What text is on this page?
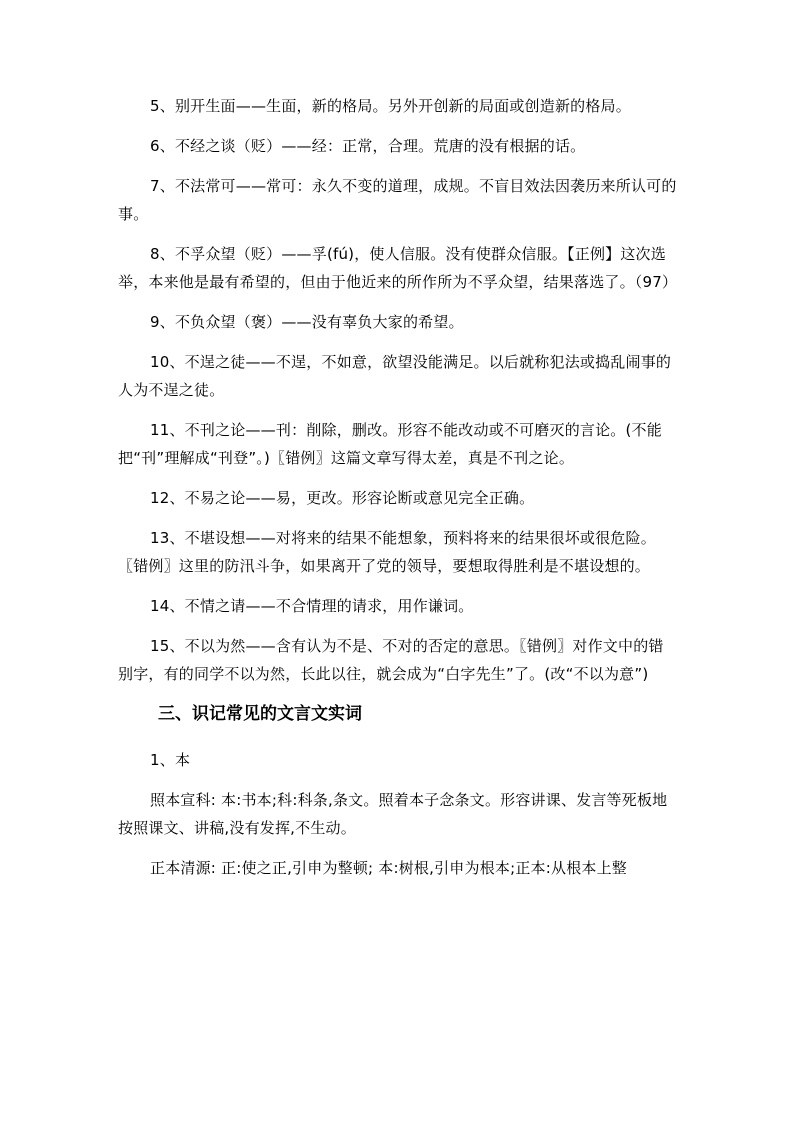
5、别开生面——生面，新的格局。另外开创新的局面或创造新的格局。

6、不经之谈（贬）——经：正常，合理。荒唐的没有根据的话。

7、不法常可——常可：永久不变的道理，成规。不盲目效法因袭历来所认可的事。

8、不孚众望（贬）——孚(fú)，使人信服。没有使群众信服。【正例】这次选举，本来他是最有希望的，但由于他近来的所作所为不孚众望，结果落选了。（97）

9、不负众望（褒）——没有辜负大家的希望。

10、不逞之徒——不逞，不如意，欲望没能满足。以后就称犯法或捣乱闹事的人为不逞之徒。

11、不刊之论——刊：削除，删改。形容不能改动或不可磨灭的言论。(不能把“刊”理解成“刊登”。)〖错例〗这篇文章写得太差，真是不刊之论。

12、不易之论——易，更改。形容论断或意见完全正确。

13、不堪设想——对将来的结果不能想象，预料将来的结果很坏或很危险。〖错例〗这里的防汛斗争，如果离开了党的领导，要想取得胜利是不堪设想的。

14、不情之请——不合情理的请求，用作谦词。

15、不以为然——含有认为不是、不对的否定的意思。〖错例〗对作文中的错别字，有的同学不以为然，长此以往，就会成为“白字先生”了。(改“不以为意”)

三、识记常见的文言文实词

1、本

照本宣科: 本:书本;科:科条,条文。照着本子念条文。形容讲课、发言等死板地按照课文、讲稿,没有发挥,不生动。

正本清源: 正:使之正,引申为整顿; 本:树根,引申为根本;正本:从根本上整
